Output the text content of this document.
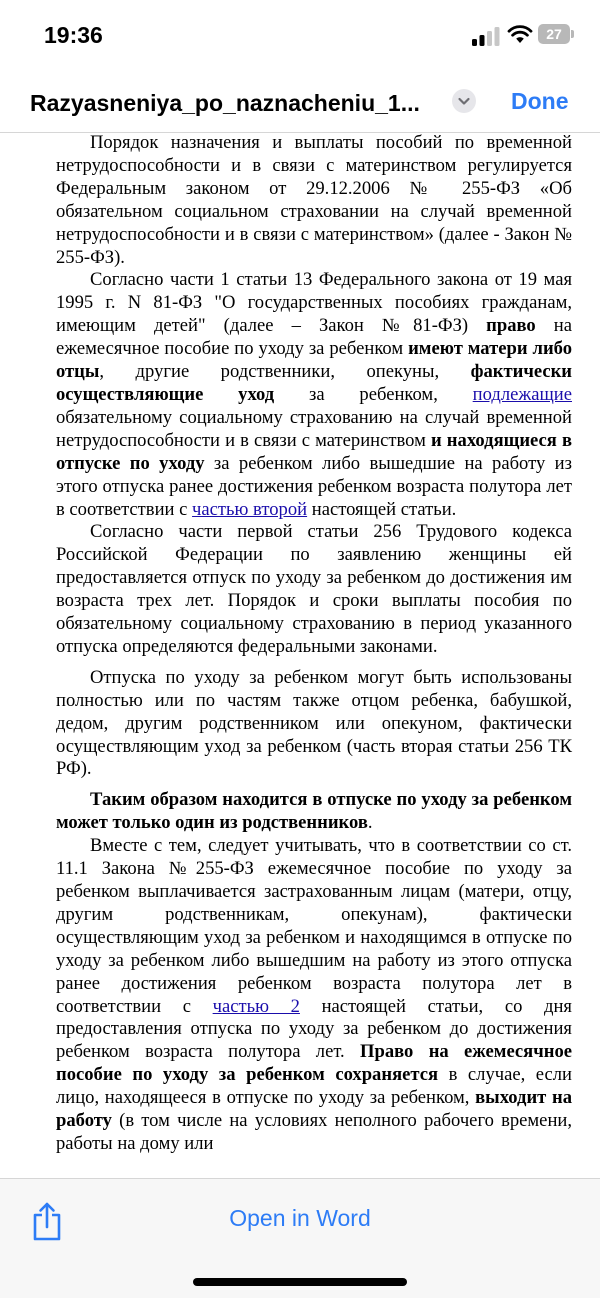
19:36	27
Razyasneniya_po_naznacheniu_1...	Done

Порядок назначения и выплаты пособий по временной нетрудоспособности и в связи с материнством регулируется Федеральным законом от 29.12.2006 № 255-ФЗ «Об обязательном социальном страховании на случай временной нетрудоспособности и в связи с материнством» (далее - Закон № 255-ФЗ).

Согласно части 1 статьи 13 Федерального закона от 19 мая 1995 г. N 81-ФЗ "О государственных пособиях гражданам, имеющим детей" (далее – Закон №81-ФЗ) право на ежемесячное пособие по уходу за ребенком имеют матери либо отцы, другие родственники, опекуны, фактически осуществляющие уход за ребенком, подлежащие обязательному социальному страхованию на случай временной нетрудоспособности и в связи с материнством и находящиеся в отпуске по уходу за ребенком либо вышедшие на работу из этого отпуска ранее достижения ребенком возраста полутора лет в соответствии с частью второй настоящей статьи.

Согласно части первой статьи 256 Трудового кодекса Российской Федерации по заявлению женщины ей предоставляется отпуск по уходу за ребенком до достижения им возраста трех лет. Порядок и сроки выплаты пособия по обязательному социальному страхованию в период указанного отпуска определяются федеральными законами.

Отпуска по уходу за ребенком могут быть использованы полностью или по частям также отцом ребенка, бабушкой, дедом, другим родственником или опекуном, фактически осуществляющим уход за ребенком (часть вторая статьи 256 ТК РФ).

Таким образом находится в отпуске по уходу за ребенком может только один из родственников.

Вместе с тем, следует учитывать, что в соответствии со ст. 11.1 Закона №255-ФЗ ежемесячное пособие по уходу за ребенком выплачивается застрахованным лицам (матери, отцу, другим родственникам, опекунам), фактически осуществляющим уход за ребенком и находящимся в отпуске по уходу за ребенком либо вышедшим на работу из этого отпуска ранее достижения ребенком возраста полутора лет в соответствии с частью 2 настоящей статьи, со дня предоставления отпуска по уходу за ребенком до достижения ребенком возраста полутора лет. Право на ежемесячное пособие по уходу за ребенком сохраняется в случае, если лицо, находящееся в отпуске по уходу за ребенком, выходит на работу (в том числе на условиях неполного рабочего времени, работы на дому или

Open in Word
